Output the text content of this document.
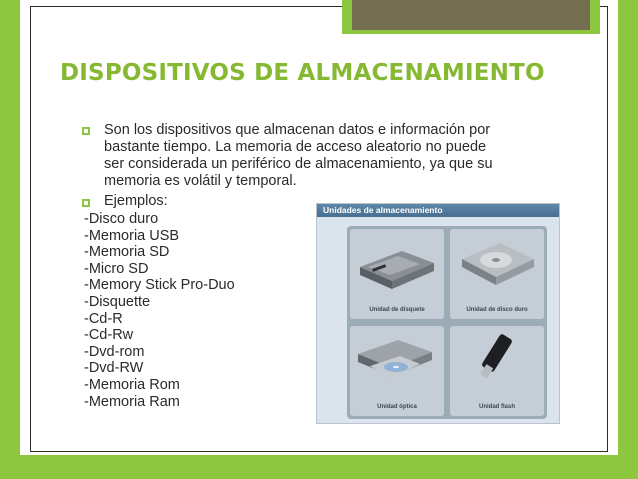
DISPOSITIVOS DE ALMACENAMIENTO
Son los dispositivos que almacenan datos e información por
bastante tiempo. La memoria de acceso aleatorio no puede
ser considerada un periférico de almacenamiento, ya que su
memoria es volátil y temporal.
Ejemplos:
-Disco duro
-Memoria USB
-Memoria SD
-Micro SD
-Memory Stick Pro-Duo
-Disquette
-Cd-R
-Cd-Rw
-Dvd-rom
-Dvd-RW
-Memoria Rom
-Memoria Ram
Unidades de almacenamiento
Unidad de disquete	Unidad de disco duro
Unidad óptica	Unidad flash
